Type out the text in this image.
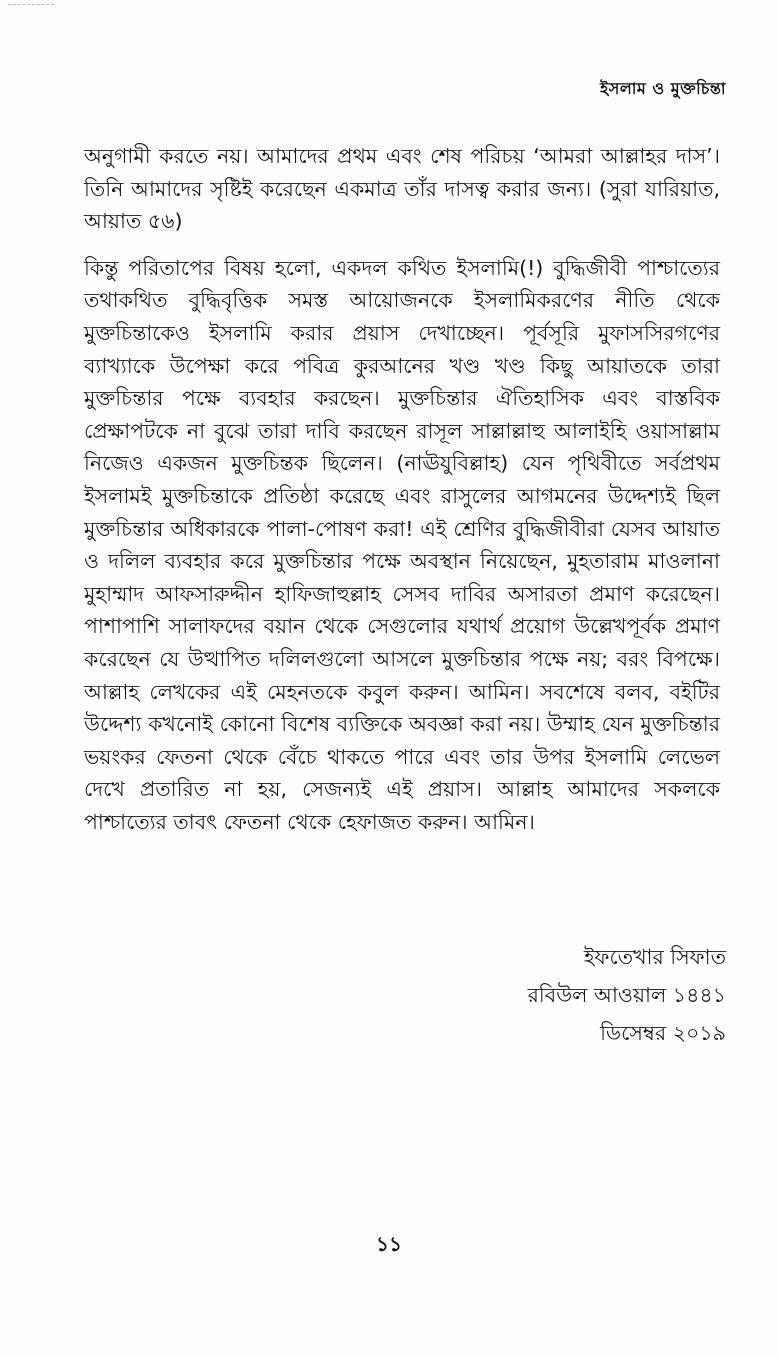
ইসলাম ও মুক্তচিন্তা

অনুগামী করতে নয়। আমাদের প্রথম এবং শেষ পরিচয় ‘আমরা আল্লাহর দাস’। তিনি আমাদের সৃষ্টিই করেছেন একমাত্র তাঁর দাসত্ব করার জন্য। (সুরা যারিয়াত, আয়াত ৫৬)

কিন্তু পরিতাপের বিষয় হলো, একদল কথিত ইসলামি(!) বুদ্ধিজীবী পাশ্চাত্যের তথাকথিত বুদ্ধিবৃত্তিক সমস্ত আয়োজনকে ইসলামিকরণের নীতি থেকে মুক্তচিন্তাকেও ইসলামি করার প্রয়াস দেখাচ্ছেন। পূর্বসূরি মুফাসসিরগণের ব্যাখ্যাকে উপেক্ষা করে পবিত্র কুরআনের খণ্ড খণ্ড কিছু আয়াতকে তারা মুক্তচিন্তার পক্ষে ব্যবহার করছেন। মুক্তচিন্তার ঐতিহাসিক এবং বাস্তবিক প্রেক্ষাপটকে না বুঝে তারা দাবি করছেন রাসূল সাল্লাল্লাহু আলাইহি ওয়াসাল্লাম নিজেও একজন মুক্তচিন্তক ছিলেন। (নাঊযুবিল্লাহ) যেন পৃথিবীতে সর্বপ্রথম ইসলামই মুক্তচিন্তাকে প্রতিষ্ঠা করেছে এবং রাসুলের আগমনের উদ্দেশ্যই ছিল মুক্তচিন্তার অধিকারকে পালা-পোষণ করা! এই শ্রেণির বুদ্ধিজীবীরা যেসব আয়াত ও দলিল ব্যবহার করে মুক্তচিন্তার পক্ষে অবস্থান নিয়েছেন, মুহতারাম মাওলানা মুহাম্মাদ আফসারুদ্দীন হাফিজাহুল্লাহ সেসব দাবির অসারতা প্রমাণ করেছেন। পাশাপাশি সালাফদের বয়ান থেকে সেগুলোর যথার্থ প্রয়োগ উল্লেখপূর্বক প্রমাণ করেছেন যে উত্থাপিত দলিলগুলো আসলে মুক্তচিন্তার পক্ষে নয়; বরং বিপক্ষে। আল্লাহ লেখকের এই মেহনতকে কবুল করুন। আমিন। সবশেষে বলব, বইটির উদ্দেশ্য কখনোই কোনো বিশেষ ব্যক্তিকে অবজ্ঞা করা নয়। উম্মাহ যেন মুক্তচিন্তার ভয়ংকর ফেতনা থেকে বেঁচে থাকতে পারে এবং তার উপর ইসলামি লেভেল দেখে প্রতারিত না হয়, সেজন্যই এই প্রয়াস। আল্লাহ আমাদের সকলকে পাশ্চাত্যের তাবৎ ফেতনা থেকে হেফাজত করুন। আমিন।

ইফতেখার সিফাত
রবিউল আওয়াল ১৪৪১
ডিসেম্বর ২০১৯
১১
